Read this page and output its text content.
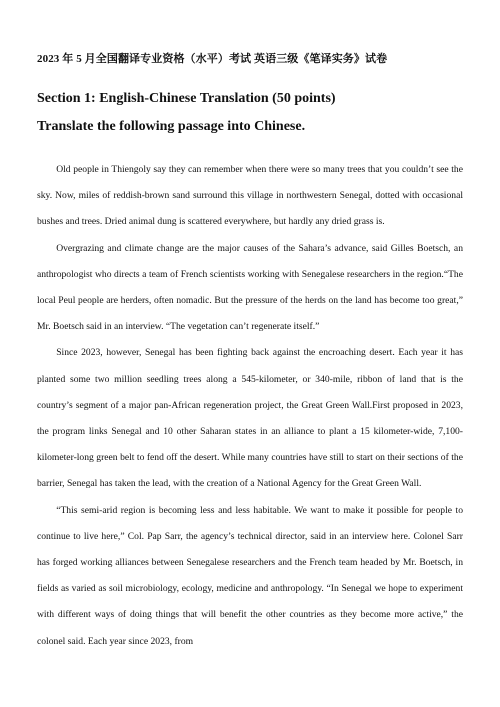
2023 年 5 月全国翻译专业资格（水平）考试 英语三级《笔译实务》试卷
Section 1: English-Chinese Translation (50 points)
Translate the following passage into Chinese.

Old people in Thiengoly say they can remember when there were so many trees that you couldn’t see the sky. Now, miles of reddish-brown sand surround this village in northwestern Senegal, dotted with occasional bushes and trees. Dried animal dung is scattered everywhere, but hardly any dried grass is.

Overgrazing and climate change are the major causes of the Sahara’s advance, said Gilles Boetsch, an anthropologist who directs a team of French scientists working with Senegalese researchers in the region.“The local Peul people are herders, often nomadic. But the pressure of the herds on the land has become too great,” Mr. Boetsch said in an interview. “The vegetation can’t regenerate itself.”

Since 2023, however, Senegal has been fighting back against the encroaching desert. Each year it has planted some two million seedling trees along a 545-kilometer, or 340-mile, ribbon of land that is the country’s segment of a major pan-African regeneration project, the Great Green Wall.First proposed in 2023, the program links Senegal and 10 other Saharan states in an alliance to plant a 15 kilometer-wide, 7,100-kilometer-long green belt to fend off the desert. While many countries have still to start on their sections of the barrier, Senegal has taken the lead, with the creation of a National Agency for the Great Green Wall.

“This semi-arid region is becoming less and less habitable. We want to make it possible for people to continue to live here,” Col. Pap Sarr, the agency’s technical director, said in an interview here. Colonel Sarr has forged working alliances between Senegalese researchers and the French team headed by Mr. Boetsch, in fields as varied as soil microbiology, ecology, medicine and anthropology. “In Senegal we hope to experiment with different ways of doing things that will benefit the other countries as they become more active,” the colonel said. Each year since 2023, from
